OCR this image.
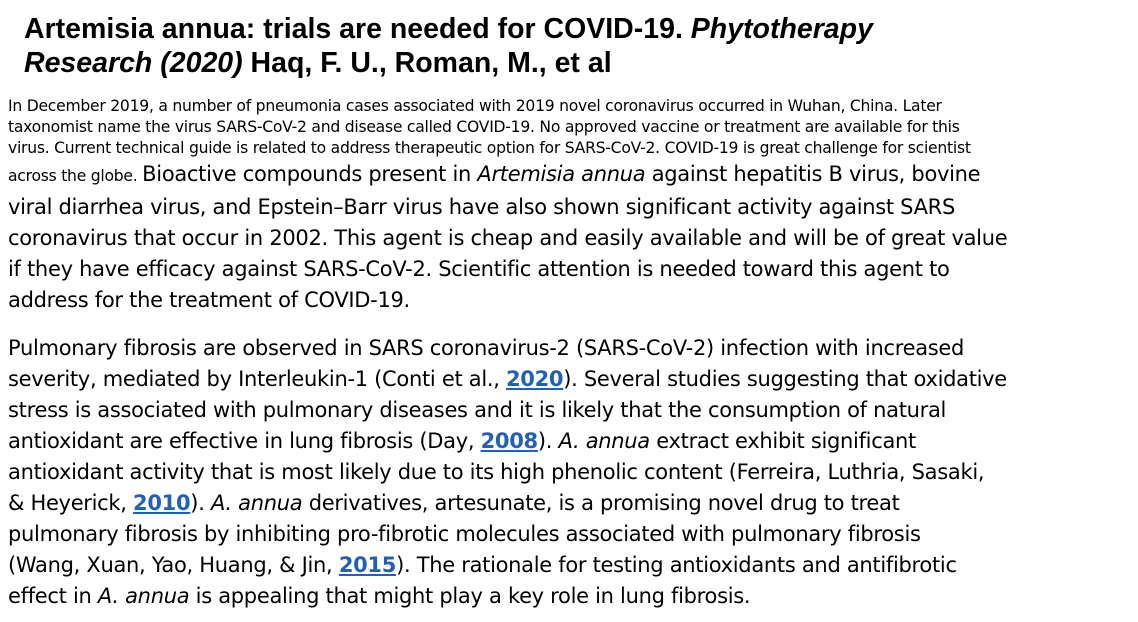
Artemisia annua: trials are needed for COVID-19. Phytotherapy
Research (2020) Haq, F. U., Roman, M., et al

In December 2019, a number of pneumonia cases associated with 2019 novel coronavirus occurred in Wuhan, China. Later
taxonomist name the virus SARS-CoV-2 and disease called COVID-19. No approved vaccine or treatment are available for this
virus. Current technical guide is related to address therapeutic option for SARS-CoV-2. COVID-19 is great challenge for scientist
across the globe. Bioactive compounds present in Artemisia annua against hepatitis B virus, bovine
viral diarrhea virus, and Epstein–Barr virus have also shown significant activity against SARS
coronavirus that occur in 2002. This agent is cheap and easily available and will be of great value
if they have efficacy against SARS-CoV-2. Scientific attention is needed toward this agent to
address for the treatment of COVID-19.

Pulmonary fibrosis are observed in SARS coronavirus-2 (SARS-CoV-2) infection with increased
severity, mediated by Interleukin-1 (Conti et al., 2020). Several studies suggesting that oxidative
stress is associated with pulmonary diseases and it is likely that the consumption of natural
antioxidant are effective in lung fibrosis (Day, 2008). A. annua extract exhibit significant
antioxidant activity that is most likely due to its high phenolic content (Ferreira, Luthria, Sasaki,
& Heyerick, 2010). A. annua derivatives, artesunate, is a promising novel drug to treat
pulmonary fibrosis by inhibiting pro-fibrotic molecules associated with pulmonary fibrosis
(Wang, Xuan, Yao, Huang, & Jin, 2015). The rationale for testing antioxidants and antifibrotic
effect in A. annua is appealing that might play a key role in lung fibrosis.
